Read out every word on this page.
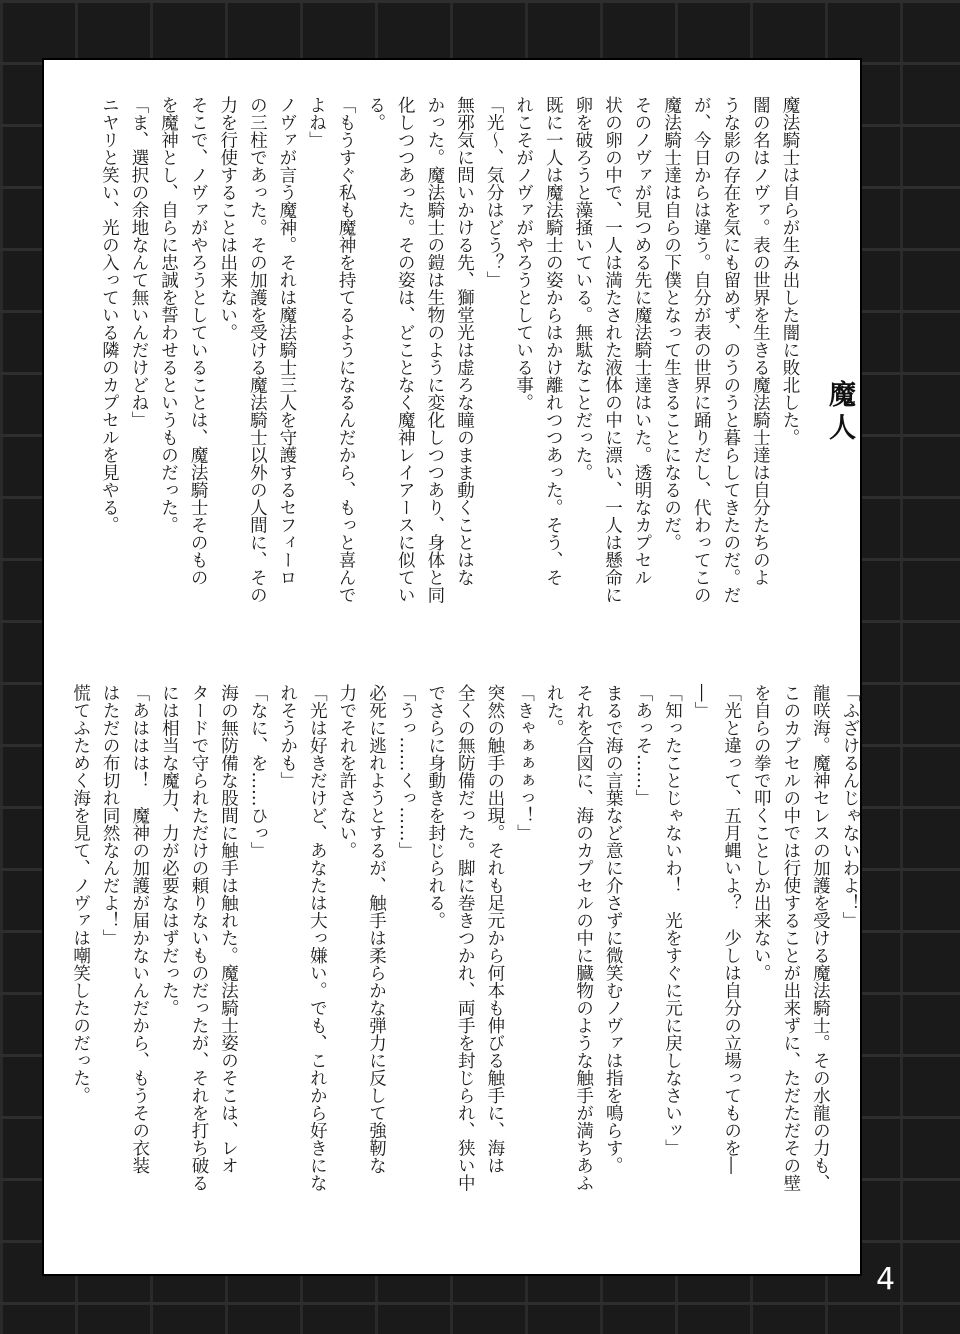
魔人

魔法騎士は自らが生み出した闇に敗北した。

闇の名はノヴァ。表の世界を生きる魔法騎士達は自分たちのよ

うな影の存在を気にも留めず、のうのうと暮らしてきたのだ。だ

が、今日からは違う。自分が表の世界に踊りだし、代わってこの

魔法騎士達は自らの下僕となって生きることになるのだ。

そのノヴァが見つめる先に魔法騎士達はいた。透明なカプセル

状の卵の中で、一人は満たされた液体の中に漂い、一人は懸命に

卵を破ろうと藻掻いている。無駄なことだった。

既に一人は魔法騎士の姿からはかけ離れつつあった。そう、そ

れこそがノヴァがやろうとしている事。

「光～、気分はどう？」

無邪気に問いかける先、獅堂光は虚ろな瞳のまま動くことはな

かった。魔法騎士の鎧は生物のように変化しつつあり、身体と同

化しつつあった。その姿は、どことなく魔神レイアースに似てい

る。

「もうすぐ私も魔神を持てるようになるんだから、もっと喜んで

よね」

ノヴァが言う魔神。それは魔法騎士三人を守護するセフィーロ

の三柱であった。その加護を受ける魔法騎士以外の人間に、その

力を行使することは出来ない。

そこで、ノヴァがやろうとしていることは、魔法騎士そのもの

を魔神とし、自らに忠誠を誓わせるというものだった。

「ま、選択の余地なんて無いんだけどね」

ニヤリと笑い、光の入っている隣のカプセルを見やる。

「ふざけるんじゃないわよ！」

龍咲海。魔神セレスの加護を受ける魔法騎士。その水龍の力も、

このカプセルの中では行使することが出来ずに、ただただその壁

を自らの拳で叩くことしか出来ない。

「光と違って、五月蝿いよ？　少しは自分の立場ってものを―

―」

「知ったことじゃないわ！　光をすぐに元に戻しなさいッ」

「あっそ……」

まるで海の言葉など意に介さずに微笑むノヴァは指を鳴らす。

それを合図に、海のカプセルの中に臓物のような触手が満ちあふ

れた。

「きゃぁぁぁっ！」

突然の触手の出現。それも足元から何本も伸びる触手に、海は

全くの無防備だった。脚に巻きつかれ、両手を封じられ、狭い中

でさらに身動きを封じられる。

「うっ……くっ……」

必死に逃れようとするが、触手は柔らかな弾力に反して強靭な

力でそれを許さない。

「光は好きだけど、あなたは大っ嫌い。でも、これから好きにな

れそうかも」

「なに、を……ひっ」

海の無防備な股間に触手は触れた。魔法騎士姿のそこは、レオ

タードで守られただけの頼りないものだったが、それを打ち破る

には相当な魔力、力が必要なはずだった。

「あははは！　魔神の加護が届かないんだから、もうその衣装

はただの布切れ同然なんだよ！」

慌てふためく海を見て、ノヴァは嘲笑したのだった。

4
